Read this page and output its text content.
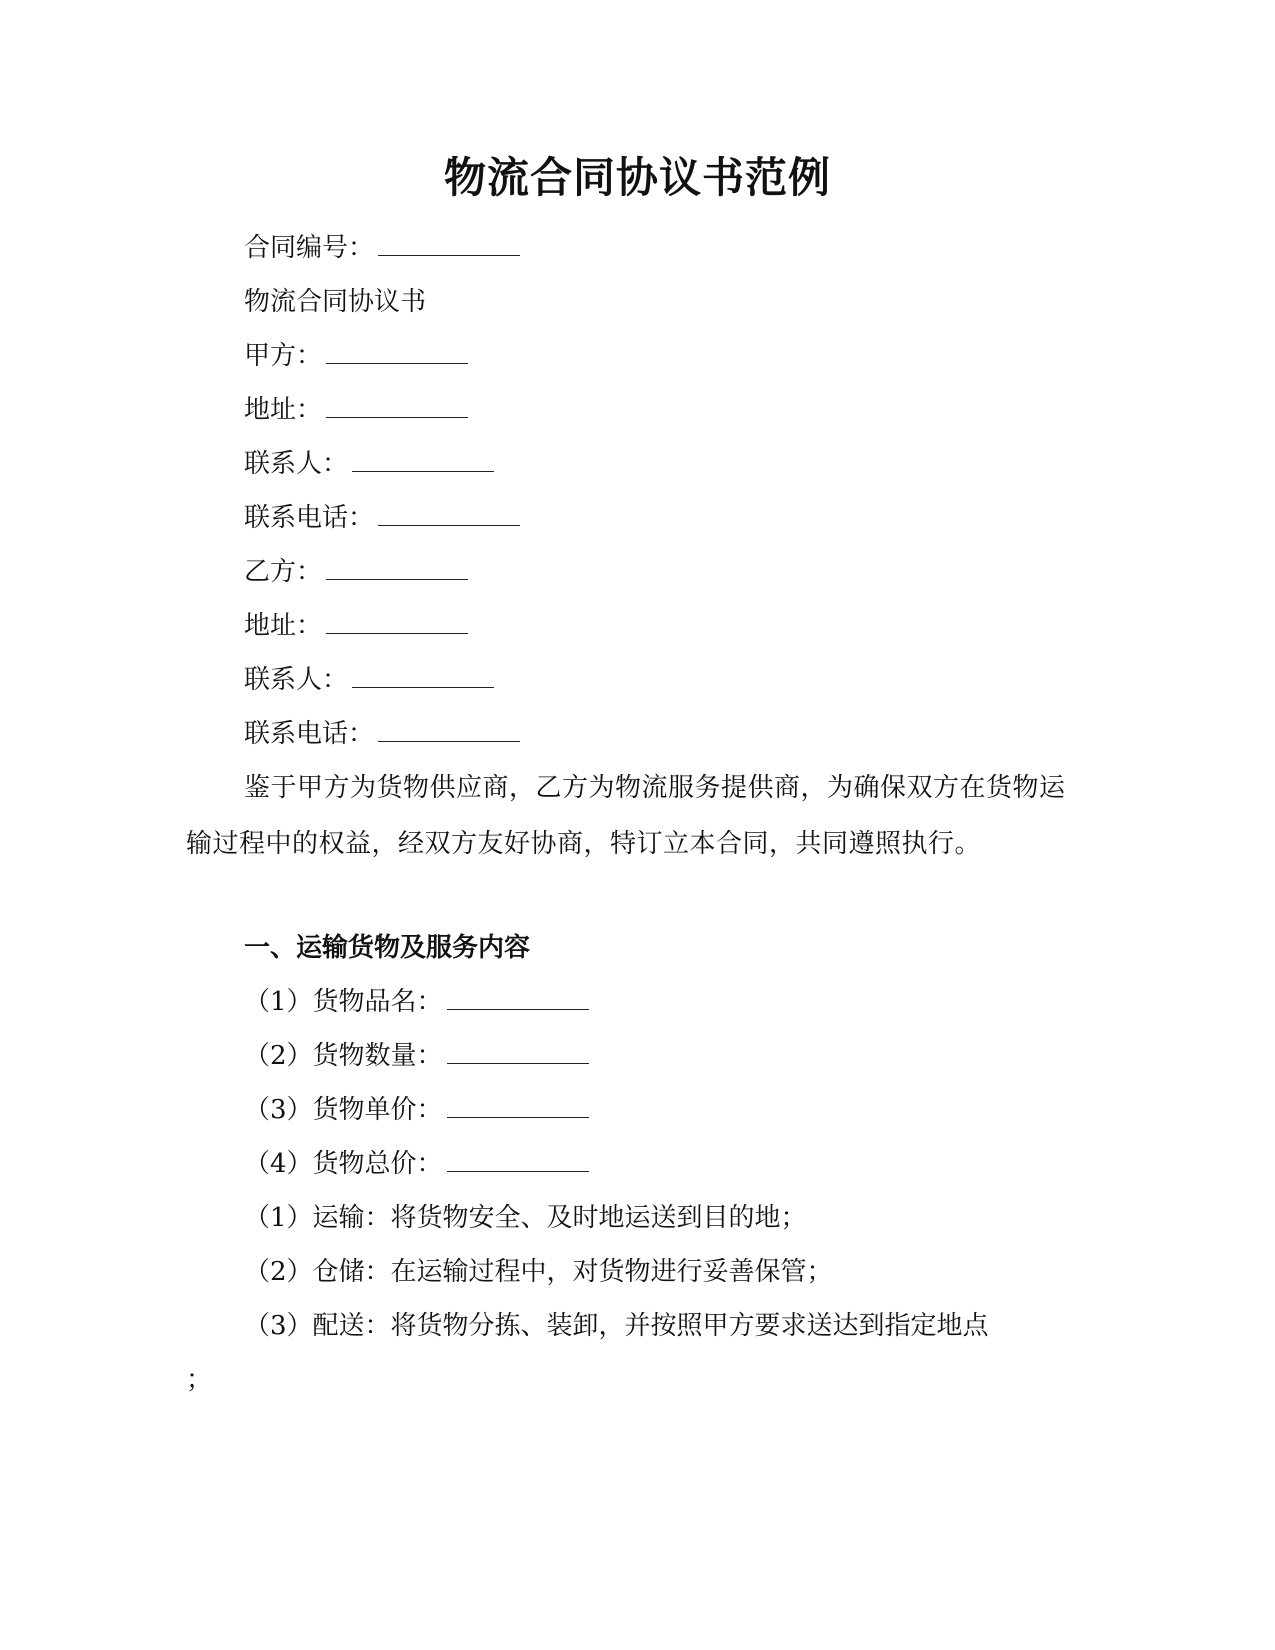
物流合同协议书范例
合同编号：
物流合同协议书
甲方：
地址：
联系人：
联系电话：
乙方：
地址：
联系人：
联系电话：
鉴于甲方为货物供应商，乙方为物流服务提供商，为确保双方在货物运输过程中的权益，经双方友好协商，特订立本合同，共同遵照执行。
一、运输货物及服务内容
（1）货物品名：
（2）货物数量：
（3）货物单价：
（4）货物总价：
（1）运输：将货物安全、及时地运送到目的地；
（2）仓储：在运输过程中，对货物进行妥善保管；
（3）配送：将货物分拣、装卸，并按照甲方要求送达到指定地点
；
